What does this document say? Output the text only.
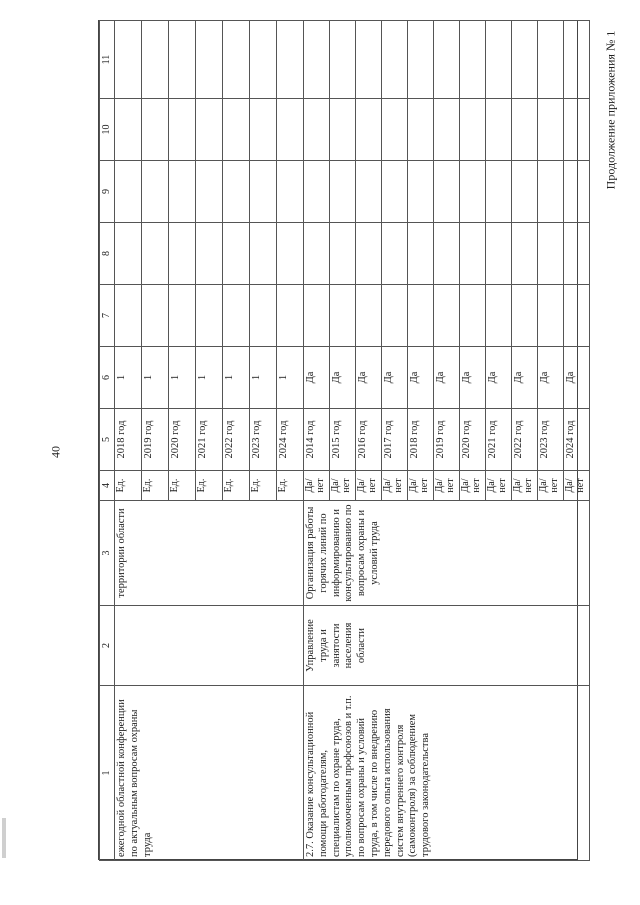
40
Продолжение приложения № 1
1	2	3	4	5	6	7	8	9	10	11
ежегодной областной конференции по актуальным вопросам охраны труда		территории области	Ед.	2018 год	1					
			Ед.	2019 год	1					
			Ед.	2020 год	1					
			Ед.	2021 год	1					
			Ед.	2022 год	1					
			Ед.	2023 год	1					
			Ед.	2024 год	1					
2.7. Оказание консультационной помощи работодателям, специалистам по охране труда, уполномоченным профсоюзов и т.п. по вопросам охраны и условий труда, в том числе по внедрению передового опыта использования систем внутреннего контроля (самоконтроля) за соблюдением трудового законодательства	Управление труда и занятости населения области	Организация работы горячих линий по информированию и консультированию по вопросам охраны и условий труда	Да/ нет	2014 год	Да					
			Да/ нет	2015 год	Да					
			Да/ нет	2016 год	Да					
			Да/ нет	2017 год	Да					
			Да/ нет	2018 год	Да					
			Да/ нет	2019 год	Да					
			Да/ нет	2020 год	Да					
			Да/ нет	2021 год	Да					
			Да/ нет	2022 год	Да					
			Да/ нет	2023 год	Да					
			Да/ нет	2024 год	Да					
